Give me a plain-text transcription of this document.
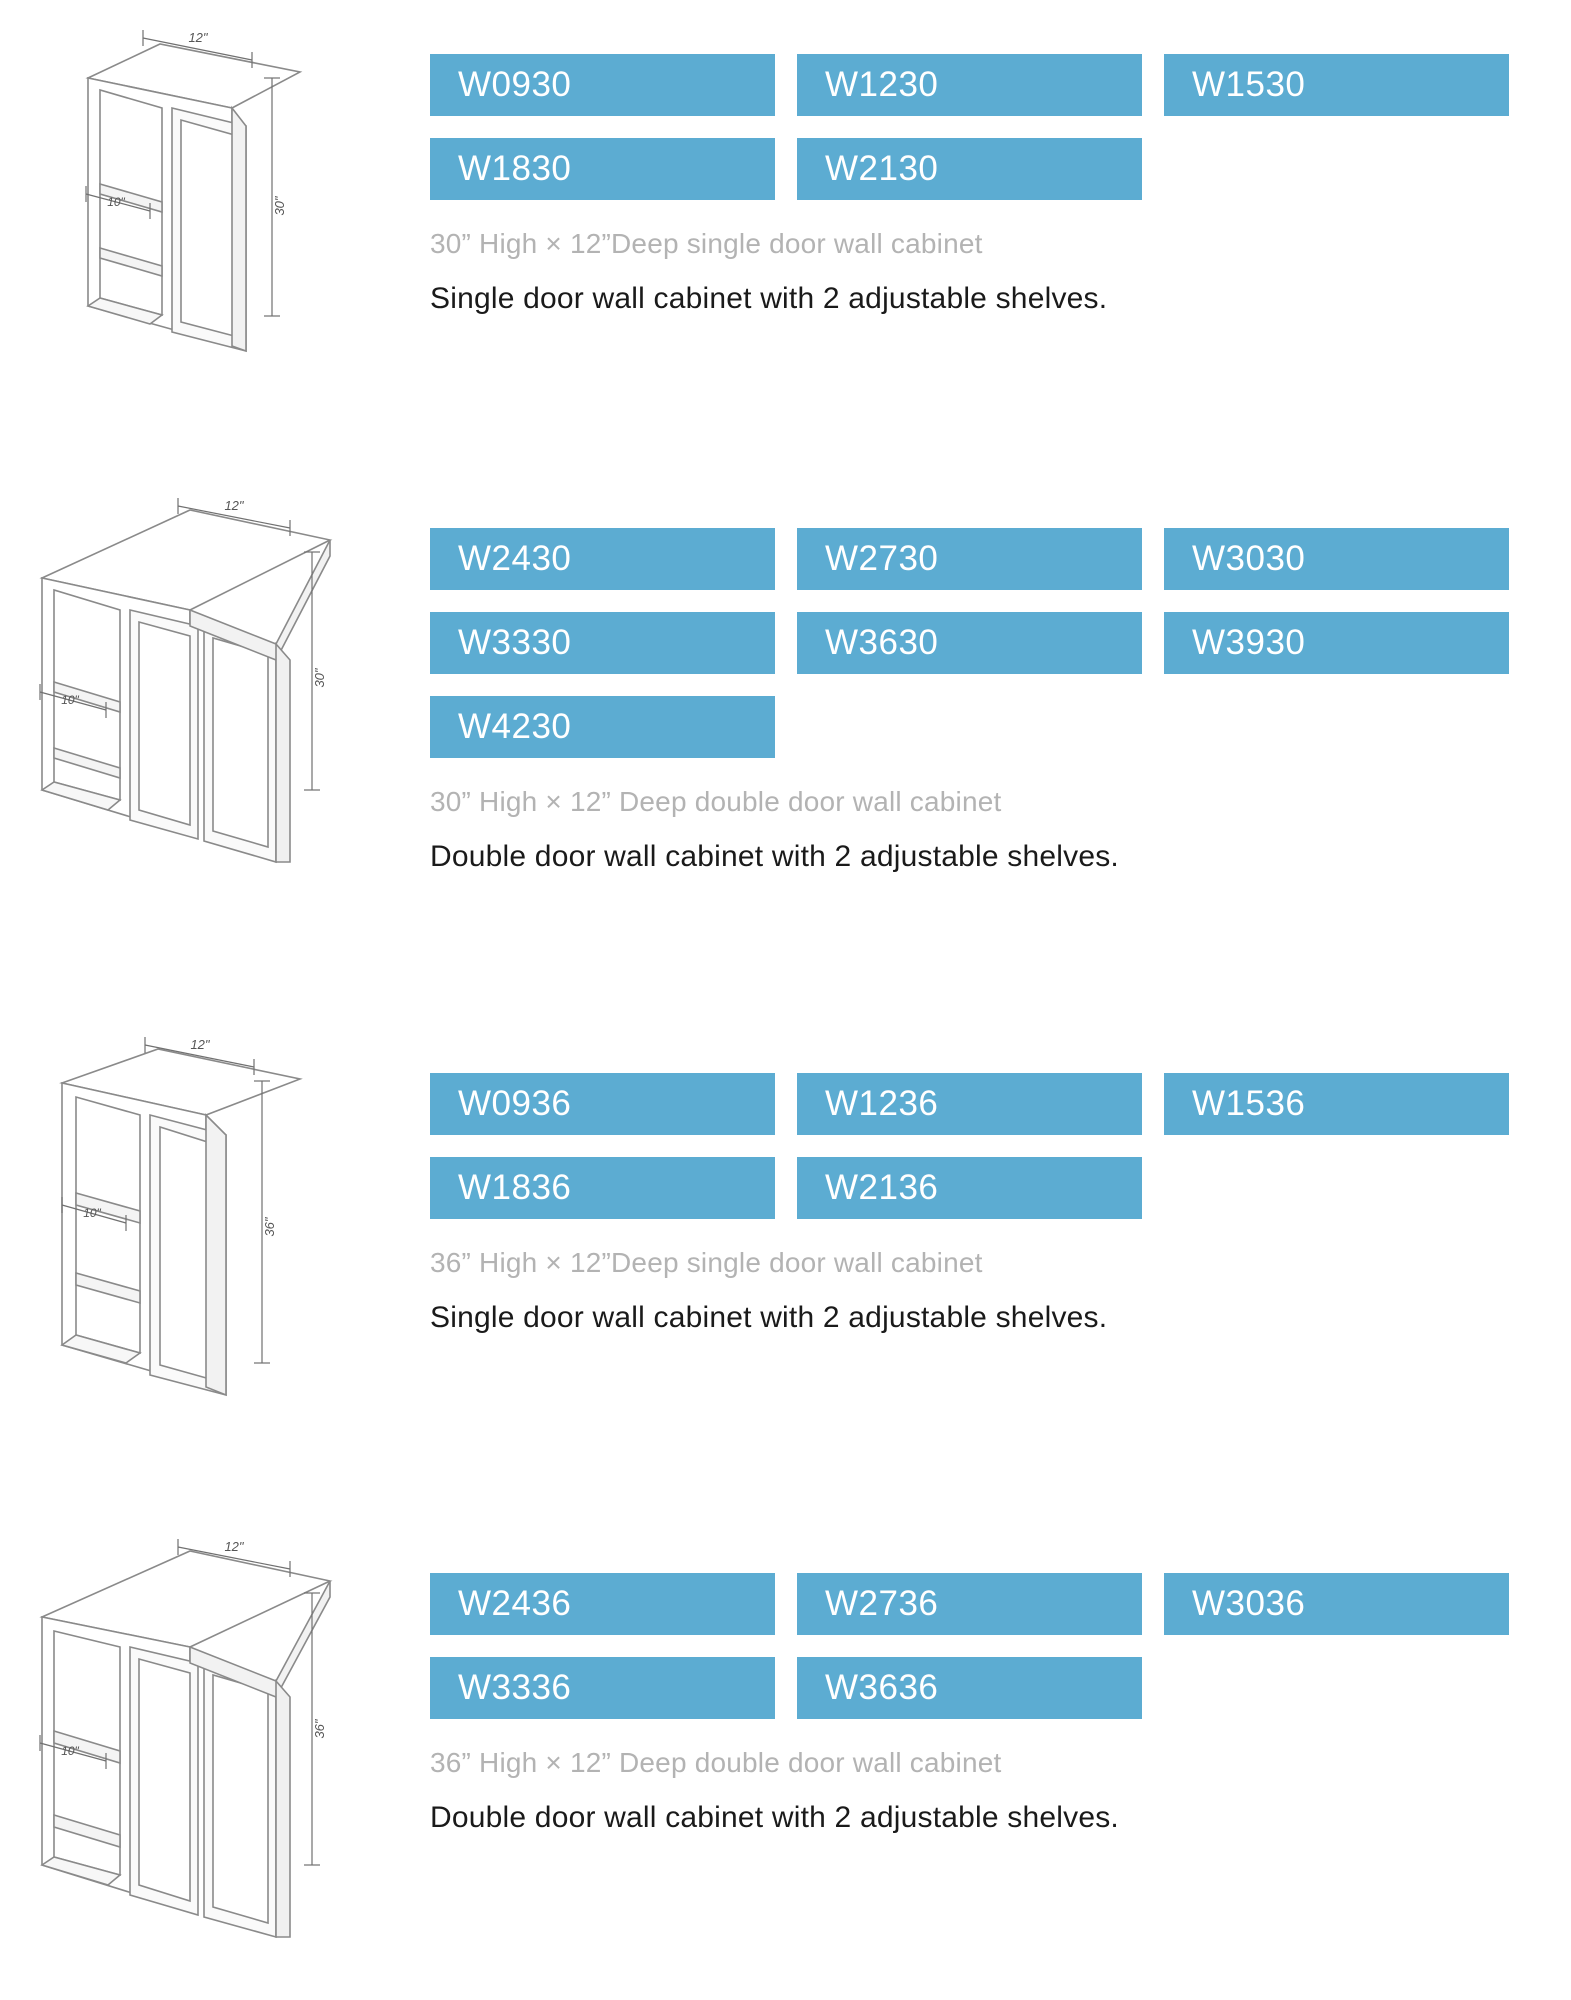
12"
30"
10"
W0930	W1230	W1530
W1830	W2130
30” High × 12”Deep single door wall cabinet
Single door wall cabinet with 2 adjustable shelves.
12"
30"
10"
W2430	W2730	W3030
W3330	W3630	W3930
W4230
30” High × 12” Deep double door wall cabinet
Double door wall cabinet with 2 adjustable shelves.
12"
36"
10"
W0936	W1236	W1536
W1836	W2136
36” High × 12”Deep single door wall cabinet
Single door wall cabinet with 2 adjustable shelves.
12"
36"
10"
W2436	W2736	W3036
W3336	W3636
36” High × 12” Deep double door wall cabinet
Double door wall cabinet with 2 adjustable shelves.
